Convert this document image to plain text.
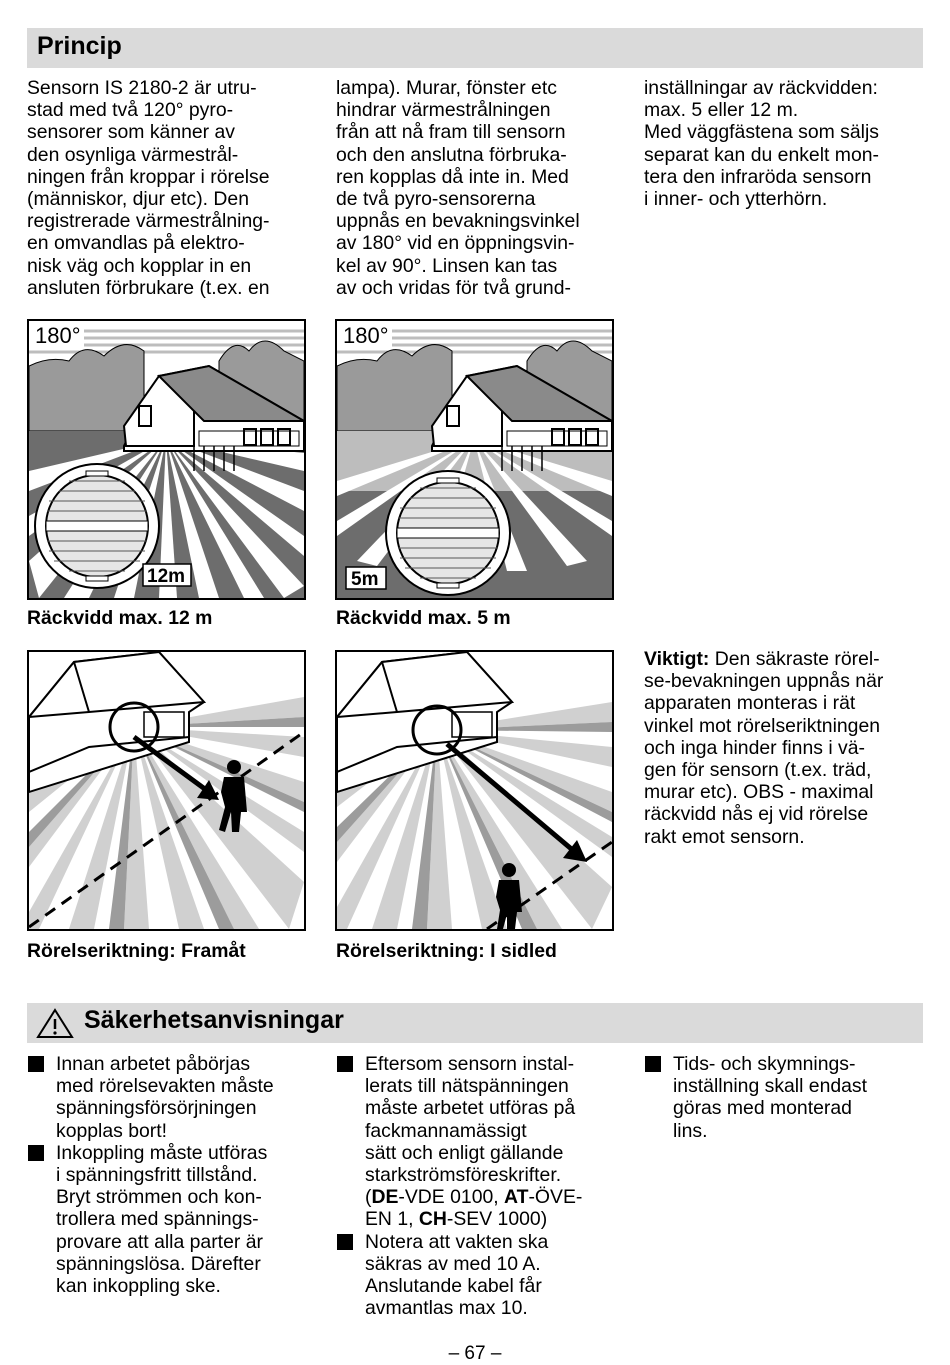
Princip

Sensorn IS 2180-2 är utru-
stad med två 120° pyro-
sensorer som känner av
den osynliga värmestrål-
ningen från kroppar i rörelse
(människor, djur etc). Den
registrerade värmestrålning-
en omvandlas på elektro-
nisk väg och kopplar in en
ansluten förbrukare (t.ex. en

lampa). Murar, fönster etc
hindrar värmestrålningen
från att nå fram till sensorn
och den anslutna förbruka-
ren kopplas då inte in. Med
de två pyro-sensorerna
uppnås en bevakningsvinkel
av 180° vid en öppningsvin-
kel av 90°. Linsen kan tas
av och vridas för två grund-

inställningar av räckvidden:
max. 5 eller 12 m.
Med väggfästena som säljs
separat kan du enkelt mon-
tera den infraröda sensorn
i inner- och ytterhörn.

180°
12m
180°
5m
Räckvidd max. 12 m	Räckvidd max. 5 m
Rörelseriktning: Framåt	Rörelseriktning: I sidled
Viktigt: Den säkraste rörel-
se-bevakningen uppnås när
apparaten monteras i rät
vinkel mot rörelseriktningen
och inga hinder finns i vä-
gen för sensorn (t.ex. träd,
murar etc). OBS - maximal
räckvidd nås ej vid rörelse
rakt emot sensorn.
Säkerhetsanvisningar
Innan arbetet påbörjas
med rörelsevakten måste
spänningsförsörjningen
kopplas bort!
Inkoppling måste utföras
i spänningsfritt tillstånd.
Bryt strömmen och kon-
trollera med spännings-
provare att alla parter är
spänningslösa. Därefter
kan inkoppling ske.
Eftersom sensorn instal-
lerats till nätspänningen
måste arbetet utföras på
fackmannamässigt
sätt och enligt gällande
starkströmsföreskrifter.
(DE-VDE 0100, AT-ÖVE-
EN 1, CH-SEV 1000)
Notera att vakten ska
säkras av med 10 A.
Anslutande kabel får
avmantlas max 10.
Tids- och skymnings-
inställning skall endast
göras med monterad
lins.
– 67 –
